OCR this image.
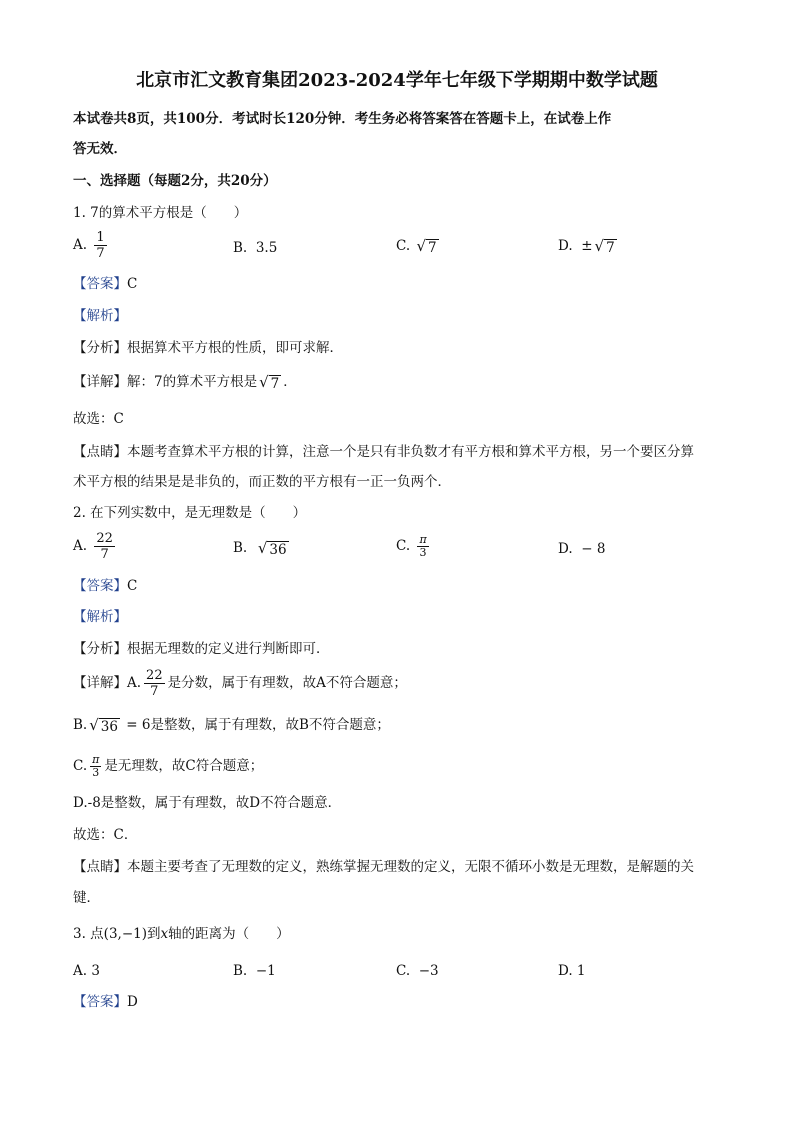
北京市汇文教育集团2023-2024学年七年级下学期期中数学试题
本试卷共8页，共100分．考试时长120分钟．考生务必将答案答在答题卡上，在试卷上作
答无效．
一、选择题（每题2分，共20分）
1. 7的算术平方根是（　　）
A. $\frac{1}{7}$	B. 3.5	C. √ 7	D. ± √ 7
【答案】C
【解析】
【分析】根据算术平方根的性质，即可求解．
【详解】解：7的算术平方根是 √ 7 ．
故选：C
【点睛】本题考查算术平方根的计算，注意一个是只有非负数才有平方根和算术平方根，另一个要区分算
术平方根的结果是是非负的，而正数的平方根有一正一负两个．
2. 在下列实数中，是无理数是（　　）
A. $\frac{22}{7}$	B. √ 36	C. $\frac{\pi}{3}$	D. − 8
【答案】C
【解析】
【分析】根据无理数的定义进行判断即可．
【详解】A. $\frac{22}{7}$ 是分数，属于有理数，故A不符合题意；
B. √ 36 = 6是整数，属于有理数，故B不符合题意；
C. $\frac{\pi}{3}$ 是无理数，故C符合题意；
D.-8是整数，属于有理数，故D不符合题意．
故选：C．
【点睛】本题主要考查了无理数的定义，熟练掌握无理数的定义，无限不循环小数是无理数，是解题的关
键．
3. 点(3,−1)到x轴的距离为（　　）
A. 3	B. −1	C. −3	D. 1
【答案】D
